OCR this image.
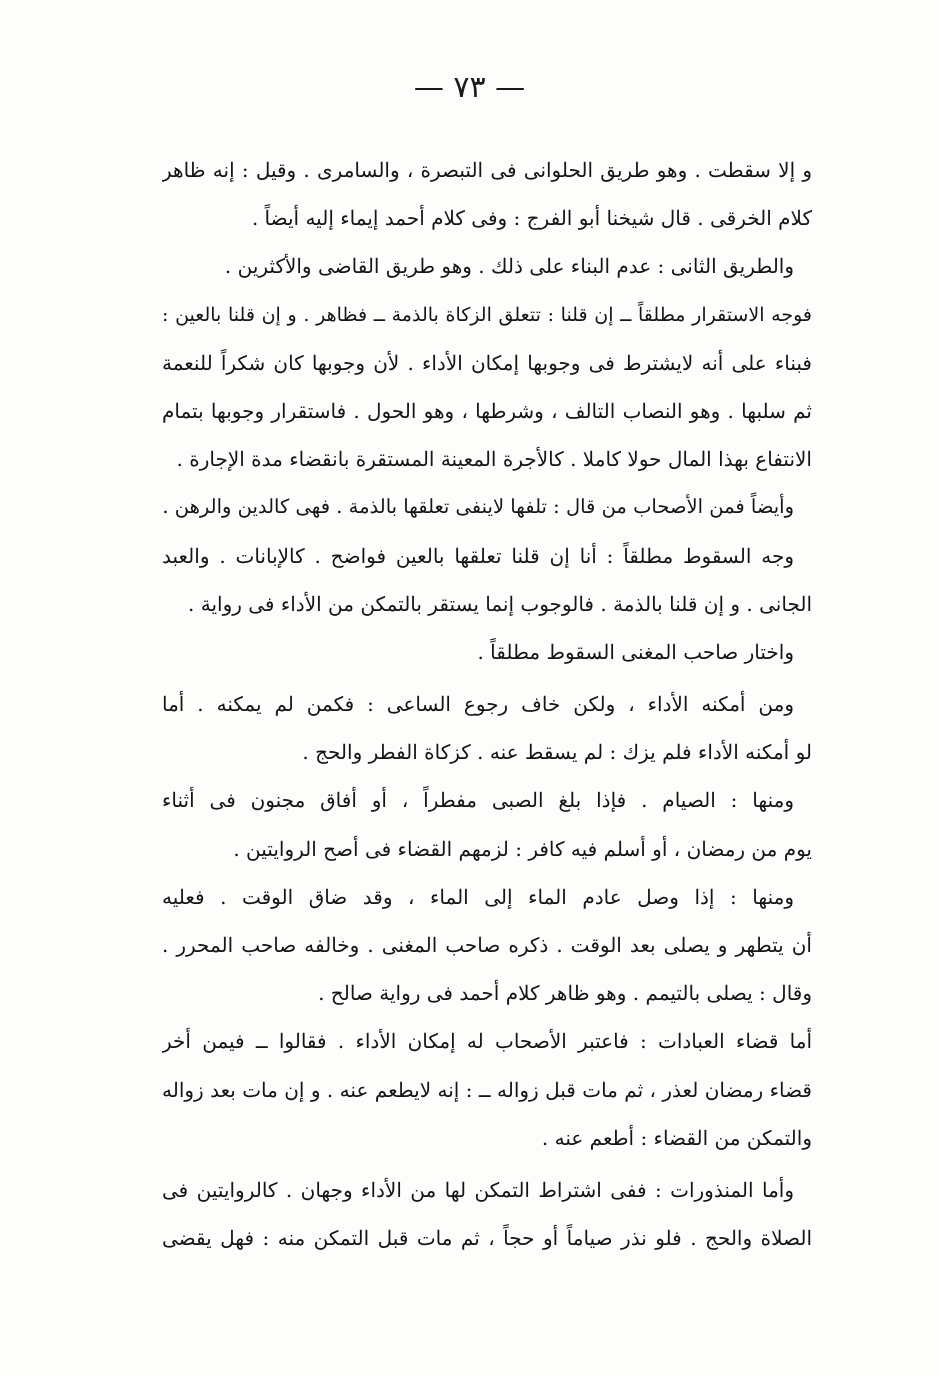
— ٧٣ —
و إلا سقطت . وهو طريق الحلوانى فى التبصرة ، والسامرى . وقيل : إنه ظاهر
كلام الخرقى . قال شيخنا أبو الفرج : وفى كلام أحمد إيماء إليه أيضاً .
والطريق الثانى : عدم البناء على ذلك . وهو طريق القاضى والأكثرين .
فوجه الاستقرار مطلقاً ــ إن قلنا : تتعلق الزكاة بالذمة ــ فظاهر . و إن قلنا بالعين :
فبناء على أنه لايشترط فى وجوبها إمكان الأداء . لأن وجوبها كان شكراً للنعمة
ثم سلبها . وهو النصاب التالف ، وشرطها ، وهو الحول . فاستقرار وجوبها بتمام
الانتفاع بهذا المال حولا كاملا . كالأجرة المعينة المستقرة بانقضاء مدة الإجارة .
وأيضاً فمن الأصحاب من قال : تلفها لاينفى تعلقها بالذمة . فهى كالدين والرهن .
وجه السقوط مطلقاً : أنا إن قلنا تعلقها بالعين فواضح . كالإبانات . والعبد
الجانى . و إن قلنا بالذمة . فالوجوب إنما يستقر بالتمكن من الأداء فى رواية .
واختار صاحب المغنى السقوط مطلقاً .
ومن أمكنه الأداء ، ولكن خاف رجوع الساعى : فكمن لم يمكنه . أما
لو أمكنه الأداء فلم يزك : لم يسقط عنه . كزكاة الفطر والحج .
ومنها : الصيام . فإذا بلغ الصبى مفطراً ، أو أفاق مجنون فى أثناء
يوم من رمضان ، أو أسلم فيه كافر : لزمهم القضاء فى أصح الروايتين .
ومنها : إذا وصل عادم الماء إلى الماء ، وقد ضاق الوقت . فعليه
أن يتطهر و يصلى بعد الوقت . ذكره صاحب المغنى . وخالفه صاحب المحرر .
وقال : يصلى بالتيمم . وهو ظاهر كلام أحمد فى رواية صالح .
أما قضاء العبادات : فاعتبر الأصحاب له إمكان الأداء . فقالوا ــ فيمن أخر
قضاء رمضان لعذر ، ثم مات قبل زواله ــ : إنه لايطعم عنه . و إن مات بعد زواله
والتمكن من القضاء : أطعم عنه .
وأما المنذورات : ففى اشتراط التمكن لها من الأداء وجهان . كالروايتين فى
الصلاة والحج . فلو نذر صياماً أو حجاً ، ثم مات قبل التمكن منه : فهل يقضى
